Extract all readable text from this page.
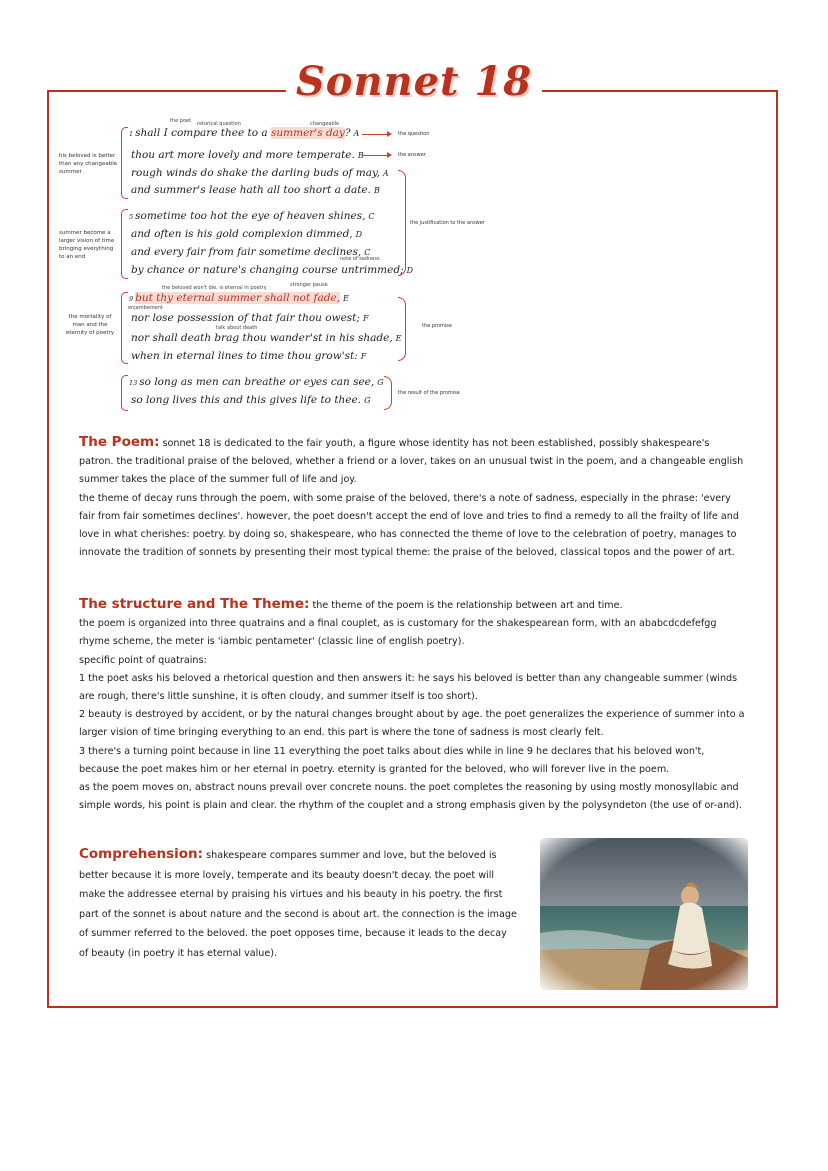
Sonnet 18
the poet retorical question	changeable
1 shall I compare thee to a summer's day? A
thou art more lovely and more temperate. B
rough winds do shake the darling buds of may, A
and summer's lease hath all too short a date. B
the question
the answer
his beloved is better than any changeable summer
5 sometime too hot the eye of heaven shines, C
and often is his gold complexion dimmed, D
and every fair from fair sometime declines, C
note of sadness
by chance or nature's changing course untrimmed; D
summer become a larger vision of time bringing everything to an end
the justification to the answer
the beloved won't die, is eternal in poetry	stronger pause
9 but thy eternal summer shall not fade, E
enjambement
nor lose possession of that fair thou owest; F
talk about death
nor shall death brag thou wander'st in his shade, E
when in eternal lines to time thou grow'st: F
the mortality of man and the eternity of poetry
the promise
13 so long as men can breathe or eyes can see, G
so long lives this and this gives life to thee. G
the result of the promise

The Poem: sonnet 18 is dedicated to the fair youth, a figure whose identity has not been established, possibly shakespeare's patron. the traditional praise of the beloved, whether a friend or a lover, takes on an unusual twist in the poem, and a changeable english summer takes the place of the summer full of life and joy.

the theme of decay runs through the poem, with some praise of the beloved, there's a note of sadness, especially in the phrase: 'every fair from fair sometimes declines'. however, the poet doesn't accept the end of love and tries to find a remedy to all the frailty of life and love in what cherishes: poetry. by doing so, shakespeare, who has connected the theme of love to the celebration of poetry, manages to innovate the tradition of sonnets by presenting their most typical theme: the praise of the beloved, classical topos and the power of art.

The structure and The Theme: the theme of the poem is the relationship between art and time.

the poem is organized into three quatrains and a final couplet, as is customary for the shakespearean form, with an ababcdcdefefgg rhyme scheme, the meter is 'iambic pentameter' (classic line of english poetry).

specific point of quatrains:

1 the poet asks his beloved a rhetorical question and then answers it: he says his beloved is better than any changeable summer (winds are rough, there's little sunshine, it is often cloudy, and summer itself is too short).

2 beauty is destroyed by accident, or by the natural changes brought about by age. the poet generalizes the experience of summer into a larger vision of time bringing everything to an end. this part is where the tone of sadness is most clearly felt.

3 there's a turning point because in line 11 everything the poet talks about dies while in line 9 he declares that his beloved won't, because the poet makes him or her eternal in poetry. eternity is granted for the beloved, who will forever live in the poem.

as the poem moves on, abstract nouns prevail over concrete nouns. the poet completes the reasoning by using mostly monosyllabic and simple words, his point is plain and clear. the rhythm of the couplet and a strong emphasis given by the polysyndeton (the use of or-and).

Comprehension: shakespeare compares summer and love, but the beloved is better because it is more lovely, temperate and its beauty doesn't decay. the poet will make the addressee eternal by praising his virtues and his beauty in his poetry. the first part of the sonnet is about nature and the second is about art. the connection is the image of summer referred to the beloved. the poet opposes time, because it leads to the decay of beauty (in poetry it has eternal value).
